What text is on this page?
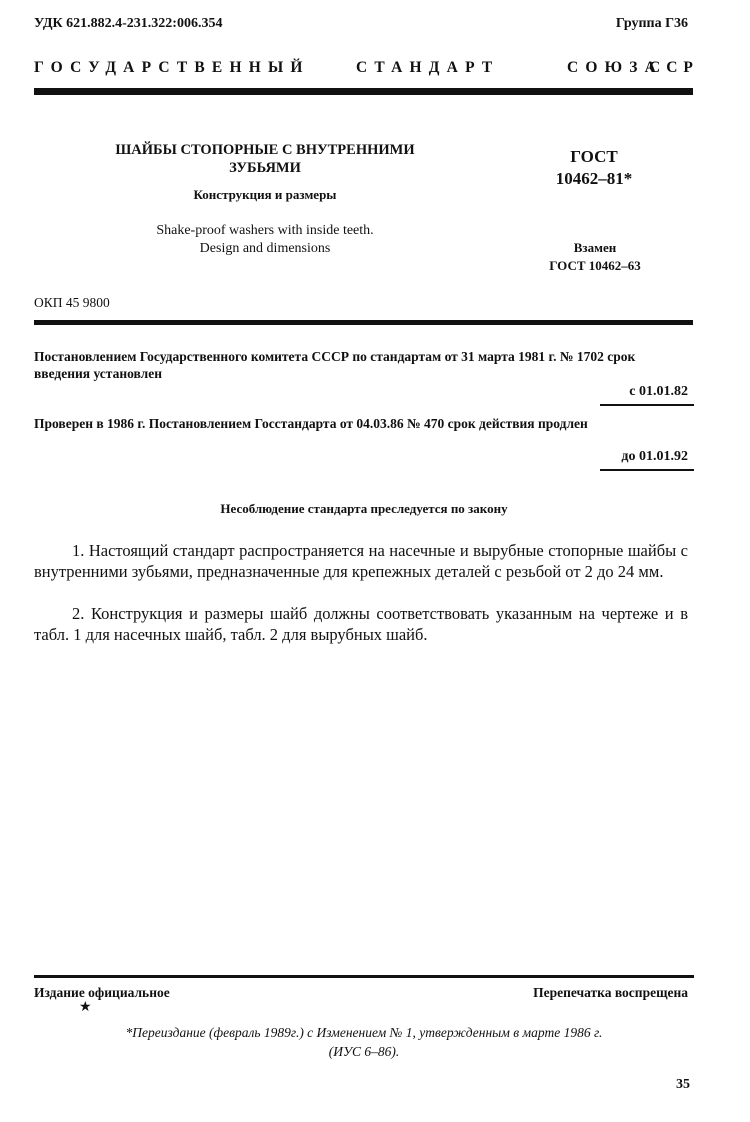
УДК 621.882.4-231.322:006.354	Группа Г36
ГОСУДАРСТВЕННЫЙ	СТАНДАРТ	СОЮЗА
ССР
ШАЙБЫ СТОПОРНЫЕ С ВНУТРЕННИМИ
ЗУБЬЯМИ
Конструкция и размеры
Shake-proof washers with inside teeth.
Design and dimensions
ГОСТ
10462–81*
Взамен
ГОСТ 10462–63
ОКП 45 9800
Постановлением Государственного комитета СССР по стандартам от 31 марта 1981 г. № 1702 срок введения установлен
с 01.01.82
Проверен в 1986 г. Постановлением Госстандарта от 04.03.86 № 470 срок действия продлен
до 01.01.92
Несоблюдение стандарта преследуется по закону
1. Настоящий стандарт распространяется на насечные и вырубные стопорные шайбы с внутренними зубьями, предназначенные для крепежных деталей с резьбой от 2 до 24 мм.
2. Конструкция и размеры шайб должны соответствовать указанным на чертеже и в табл. 1 для насечных шайб, табл. 2 для вырубных шайб.
Издание официальное	Перепечатка воспрещена
★
*Переиздание (февраль 1989г.) с Изменением № 1, утвержденным в марте 1986 г.
(ИУС 6–86).
35
